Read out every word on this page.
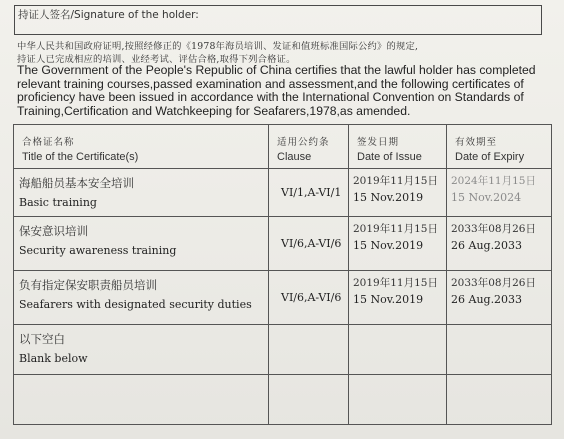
持证人签名/Signature of the holder:
中华人民共和国政府证明,按照经修正的《1978年海员培训、发证和值班标准国际公约》的规定,
持证人已完成相应的培训、业经考试、评估合格,取得下列合格证。
The Government of the People's Republic of China certifies that the lawful holder has completed relevant training courses,passed examination and assessment,and the following certificates of proficiency have been issued in accordance with the International Convention on Standards of Training,Certification and Watchkeeping for Seafarers,1978,as amended.
合格证名称
Title of the Certificate(s)	适用公约条
Clause	签发日期
Date of Issue	有效期至
Date of Expiry

海船船员基本安全培训
Basic training	VI/1,A-VI/1	2019年11月15日
15 Nov.2019	2024年11月15日
15 Nov.2024

保安意识培训
Security awareness training	VI/6,A-VI/6	2019年11月15日
15 Nov.2019	2033年08月26日
26 Aug.2033

负有指定保安职责船员培训
Seafarers with designated security duties	VI/6,A-VI/6	2019年11月15日
15 Nov.2019	2033年08月26日
26 Aug.2033

以下空白
Blank below			
